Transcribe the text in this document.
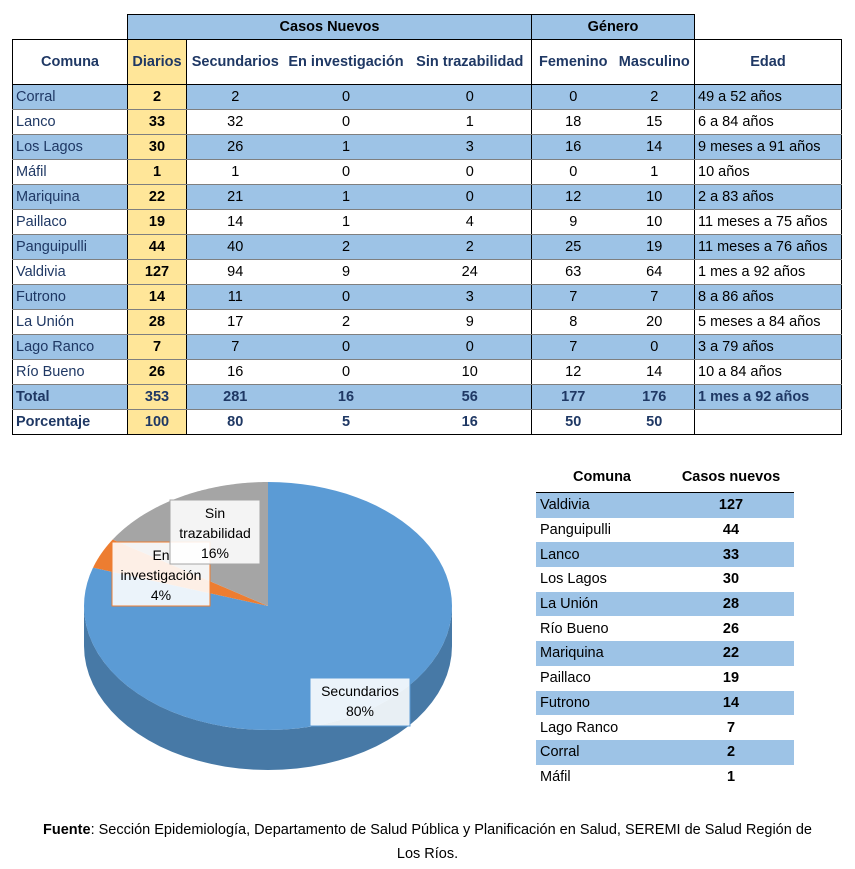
	Casos Nuevos				Género		
Comuna	Diarios	Secundarios	En investigación	Sin trazabilidad	Femenino	Masculino	Edad
Corral	2	2	0	0	0	2	49 a 52 años
Lanco	33	32	0	1	18	15	6 a 84 años
Los Lagos	30	26	1	3	16	14	9 meses a 91 años
Máfil	1	1	0	0	0	1	10 años
Mariquina	22	21	1	0	12	10	2 a 83 años
Paillaco	19	14	1	4	9	10	11 meses a 75 años
Panguipulli	44	40	2	2	25	19	11 meses a 76 años
Valdivia	127	94	9	24	63	64	1 mes a 92 años
Futrono	14	11	0	3	7	7	8 a 86 años
La Unión	28	17	2	9	8	20	5 meses a 84 años
Lago Ranco	7	7	0	0	7	0	3 a 79 años
Río Bueno	26	16	0	10	12	14	10 a 84 años
Total	353	281	16	56	177	176	1 mes a 92 años
Porcentaje	100	80	5	16	50	50	
Secundarios 80%
En investigación 4%
Sin trazabilidad 16%
Comuna	Casos nuevos
Valdivia	127
Panguipulli	44
Lanco	33
Los Lagos	30
La Unión	28
Río Bueno	26
Mariquina	22
Paillaco	19
Futrono	14
Lago Ranco	7
Corral	2
Máfil	1
Fuente: Sección Epidemiología, Departamento de Salud Pública y Planificación en Salud, SEREMI de Salud Región de Los Ríos.
